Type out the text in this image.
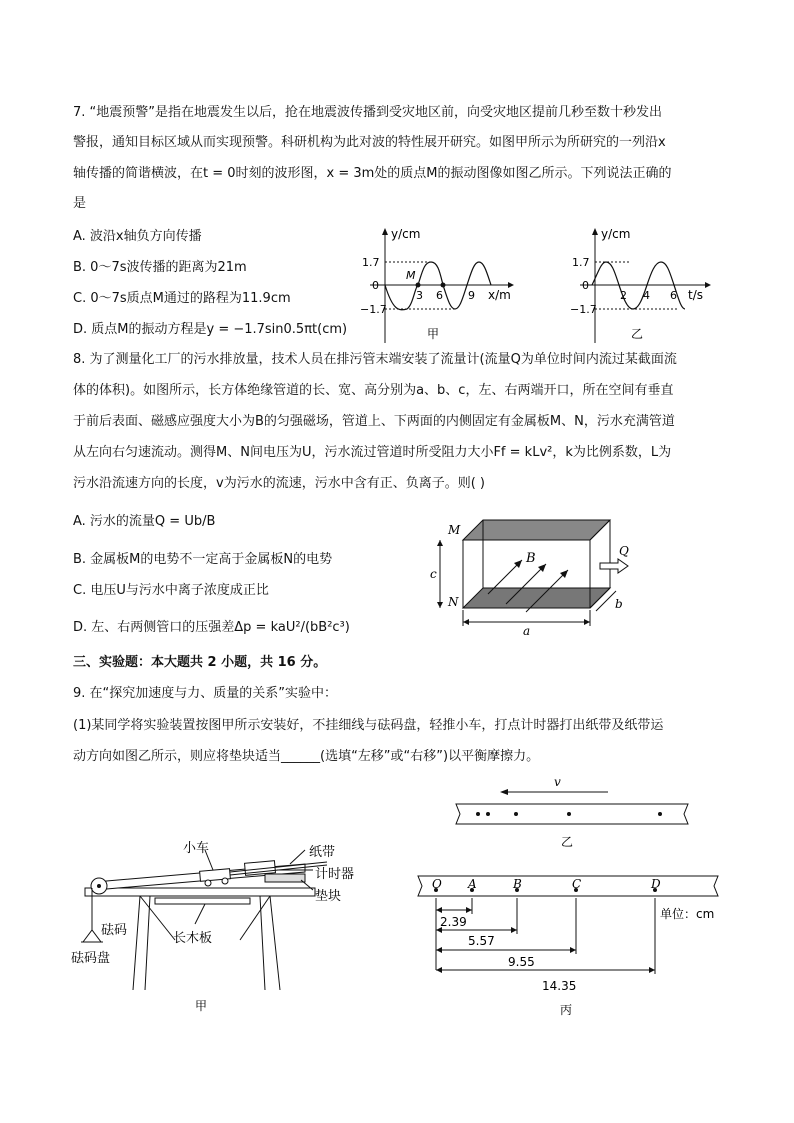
7. “地震预警”是指在地震发生以后，抢在地震波传播到受灾地区前，向受灾地区提前几秒至数十秒发出
警报，通知目标区域从而实现预警。科研机构为此对波的特性展开研究。如图甲所示为所研究的一列沿x
轴传播的简谐横波，在t = 0时刻的波形图，x = 3m处的质点M的振动图像如图乙所示。下列说法正确的
是
A. 波沿x轴负方向传播
B. 0～7s波传播的距离为21m
C. 0～7s质点M通过的路程为11.9cm
D. 质点M的振动方程是y = −1.7sin0.5πt(cm)
y/cm
x/m
1.7
0
−1.7
3 6 9
M
甲
y/cm
t/s
1.7
0
−1.7
2 4 6
乙
8. 为了测量化工厂的污水排放量，技术人员在排污管末端安装了流量计(流量Q为单位时间内流过某截面流
体的体积)。如图所示，长方体绝缘管道的长、宽、高分别为a、b、c，左、右两端开口，所在空间有垂直
于前后表面、磁感应强度大小为B的匀强磁场，管道上、下两面的内侧固定有金属板M、N，污水充满管道
从左向右匀速流动。测得M、N间电压为U，污水流过管道时所受阻力大小Ff = kLv²，k为比例系数，L为
污水沿流速方向的长度，v为污水的流速，污水中含有正、负离子。则( )
A. 污水的流量Q = Ub/B
B. 金属板M的电势不一定高于金属板N的电势
C. 电压U与污水中离子浓度成正比
D. 左、右两侧管口的压强差Δp = kaU²/(bB²c³)
M
N
B	Q
a
b
c
三、实验题：本大题共 2 小题，共 16 分。
9. 在“探究加速度与力、质量的关系”实验中：
(1)某同学将实验装置按图甲所示安装好，不挂细线与砝码盘，轻推小车，打点计时器打出纸带及纸带运
动方向如图乙所示，则应将垫块适当______(选填“左移”或“右移”)以平衡摩擦力。
小车	纸带
计时器
垫块
砝码
长木板
砝码盘
甲
v
乙
O A	B	C	D
单位：cm
2.39
5.57
9.55
14.35
丙
